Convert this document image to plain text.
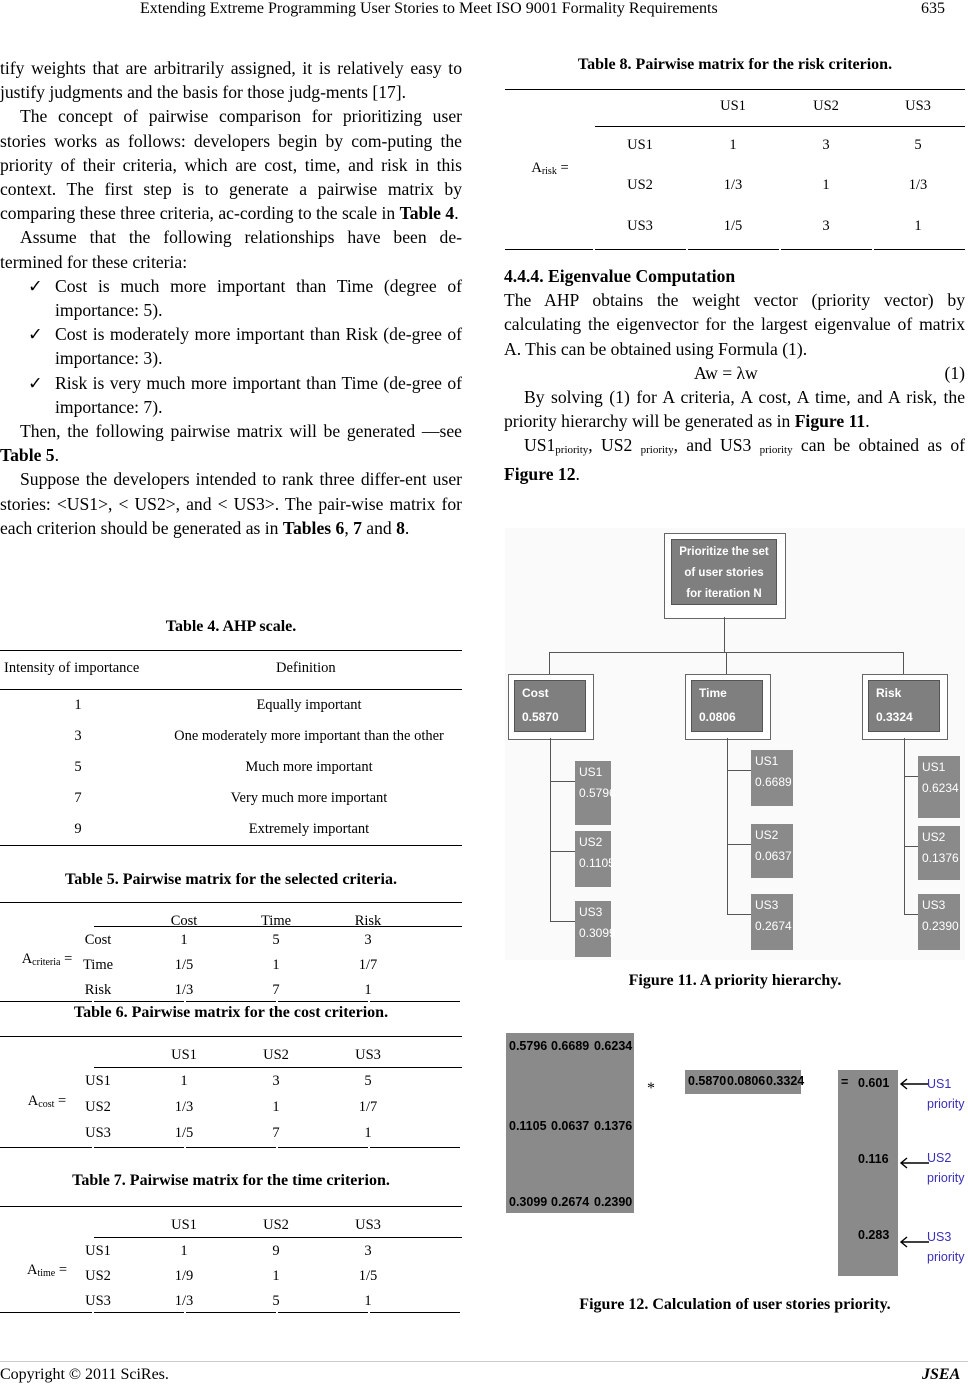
Extending Extreme Programming User Stories to Meet ISO 9001 Formality Requirements	635

tify weights that are arbitrarily assigned, it is relatively easy to justify judgments and the basis for those judg-ments [17].

The concept of pairwise comparison for prioritizing user stories works as follows: developers begin by com-puting the priority of their criteria, which are cost, time, and risk in this context. The first step is to generate a pairwise matrix by comparing these three criteria, ac-cording to the scale in Table 4.

Assume that the following relationships have been de-termined for these criteria:

✓ Cost is much more important than Time (degree of importance: 5).

✓ Cost is moderately more important than Risk (de-gree of importance: 3).

✓ Risk is very much more important than Time (de-gree of importance: 7).

Then, the following pairwise matrix will be generated —see Table 5.

Suppose the developers intended to rank three differ-ent user stories: <US1>, < US2>, and < US3>. The pair-wise matrix for each criterion should be generated as in Tables 6, 7 and 8.

Table 4. AHP scale.
Intensity of importance	Definition
1	Equally important
3	One moderately more important than the other
5	Much more important
7	Very much more important
9	Extremely important
Table 5. Pairwise matrix for the selected criteria.
Cost	Time	Risk
$A_{criteria}$ =
Cost	1	5	3
Time	1/5	1	1/7
Risk	1/3	7	1
Table 6. Pairwise matrix for the cost criterion.
US1	US2	US3
$A_{cost}$ =
US1	1	3	5
US2	1/3	1	1/7
US3	1/5	7	1
Table 7. Pairwise matrix for the time criterion.
US1	US2	US3
$A_{time}$ =
US1	1	9	3
US2	1/9	1	1/5
US3	1/3	5	1
Table 8. Pairwise matrix for the risk criterion.
US1	US2	US3
$A_{risk}$ =
US1	1	3	5
US2	1/3	1	1/3
US3	1/5	3	1

4.4.4. Eigenvalue Computation

The AHP obtains the weight vector (priority vector) by calculating the eigenvector for the largest eigenvalue of matrix A. This can be obtained using Formula (1).

Aw = λw	(1)

By solving (1) for A criteria, A cost, A time, and A risk, the priority hierarchy will be generated as in Figure 11.

US1priority, US2 priority, and US3 priority can be obtained as of Figure 12.

Prioritize the set of user stories for iteration N
Cost
0.5870
Time
0.0806
Risk
0.3324
US1
0.5796
US2
0.1105
US3
0.3099
US1
0.6689
US2
0.0637
US3
0.2674
US1
0.6234
US2
0.1376
US3
0.2390
Figure 11. A priority hierarchy.
0.5796 0.6689 0.6234
0.1105 0.0637 0.1376
0.3099 0.2674 0.2390
*	0.5870 0.0806 0.3324	= 0.601
0.116
0.283
US1
priority
US2
priority
US3
priority
Figure 12. Calculation of user stories priority.
Copyright © 2011 SciRes.	JSEA
